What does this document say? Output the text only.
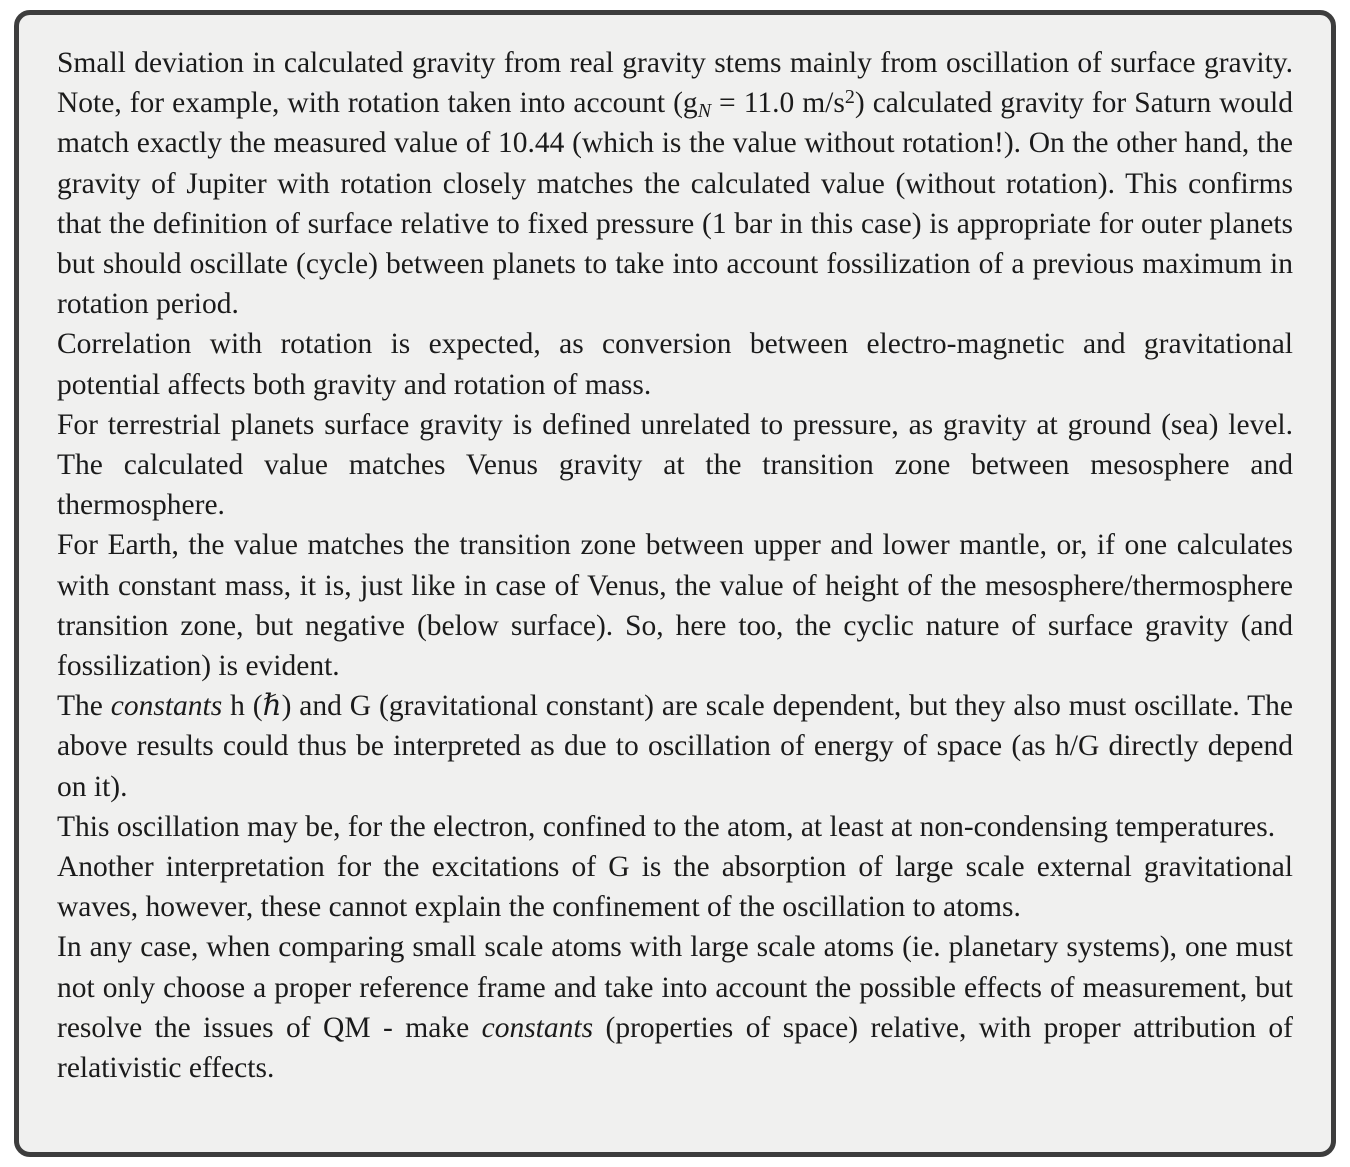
Small deviation in calculated gravity from real gravity stems mainly from oscillation of surface gravity. Note, for example, with rotation taken into account (gN = 11.0 $m/s^2$) calculated gravity for Saturn would match exactly the measured value of 10.44 (which is the value without rotation!). On the other hand, the gravity of Jupiter with rotation closely matches the calculated value (without rotation). This confirms that the definition of surface relative to fixed pressure (1 bar in this case) is appropriate for outer planets but should oscillate (cycle) between planets to take into account fossilization of a previous maximum in rotation period.

Correlation with rotation is expected, as conversion between electro-magnetic and gravitational potential affects both gravity and rotation of mass.

For terrestrial planets surface gravity is defined unrelated to pressure, as gravity at ground (sea) level. The calculated value matches Venus gravity at the transition zone between mesosphere and thermosphere.

For Earth, the value matches the transition zone between upper and lower mantle, or, if one calculates with constant mass, it is, just like in case of Venus, the value of height of the mesosphere/thermosphere transition zone, but negative (below surface). So, here too, the cyclic nature of surface gravity (and fossilization) is evident.

The constants h (ℏ) and G (gravitational constant) are scale dependent, but they also must oscillate. The above results could thus be interpreted as due to oscillation of energy of space (as h/G directly depend on it).

This oscillation may be, for the electron, confined to the atom, at least at non-condensing temperatures.

Another interpretation for the excitations of G is the absorption of large scale external gravitational waves, however, these cannot explain the confinement of the oscillation to atoms.

In any case, when comparing small scale atoms with large scale atoms (ie. planetary systems), one must not only choose a proper reference frame and take into account the possible effects of measurement, but resolve the issues of QM - make constants (properties of space) relative, with proper attribution of relativistic effects.
